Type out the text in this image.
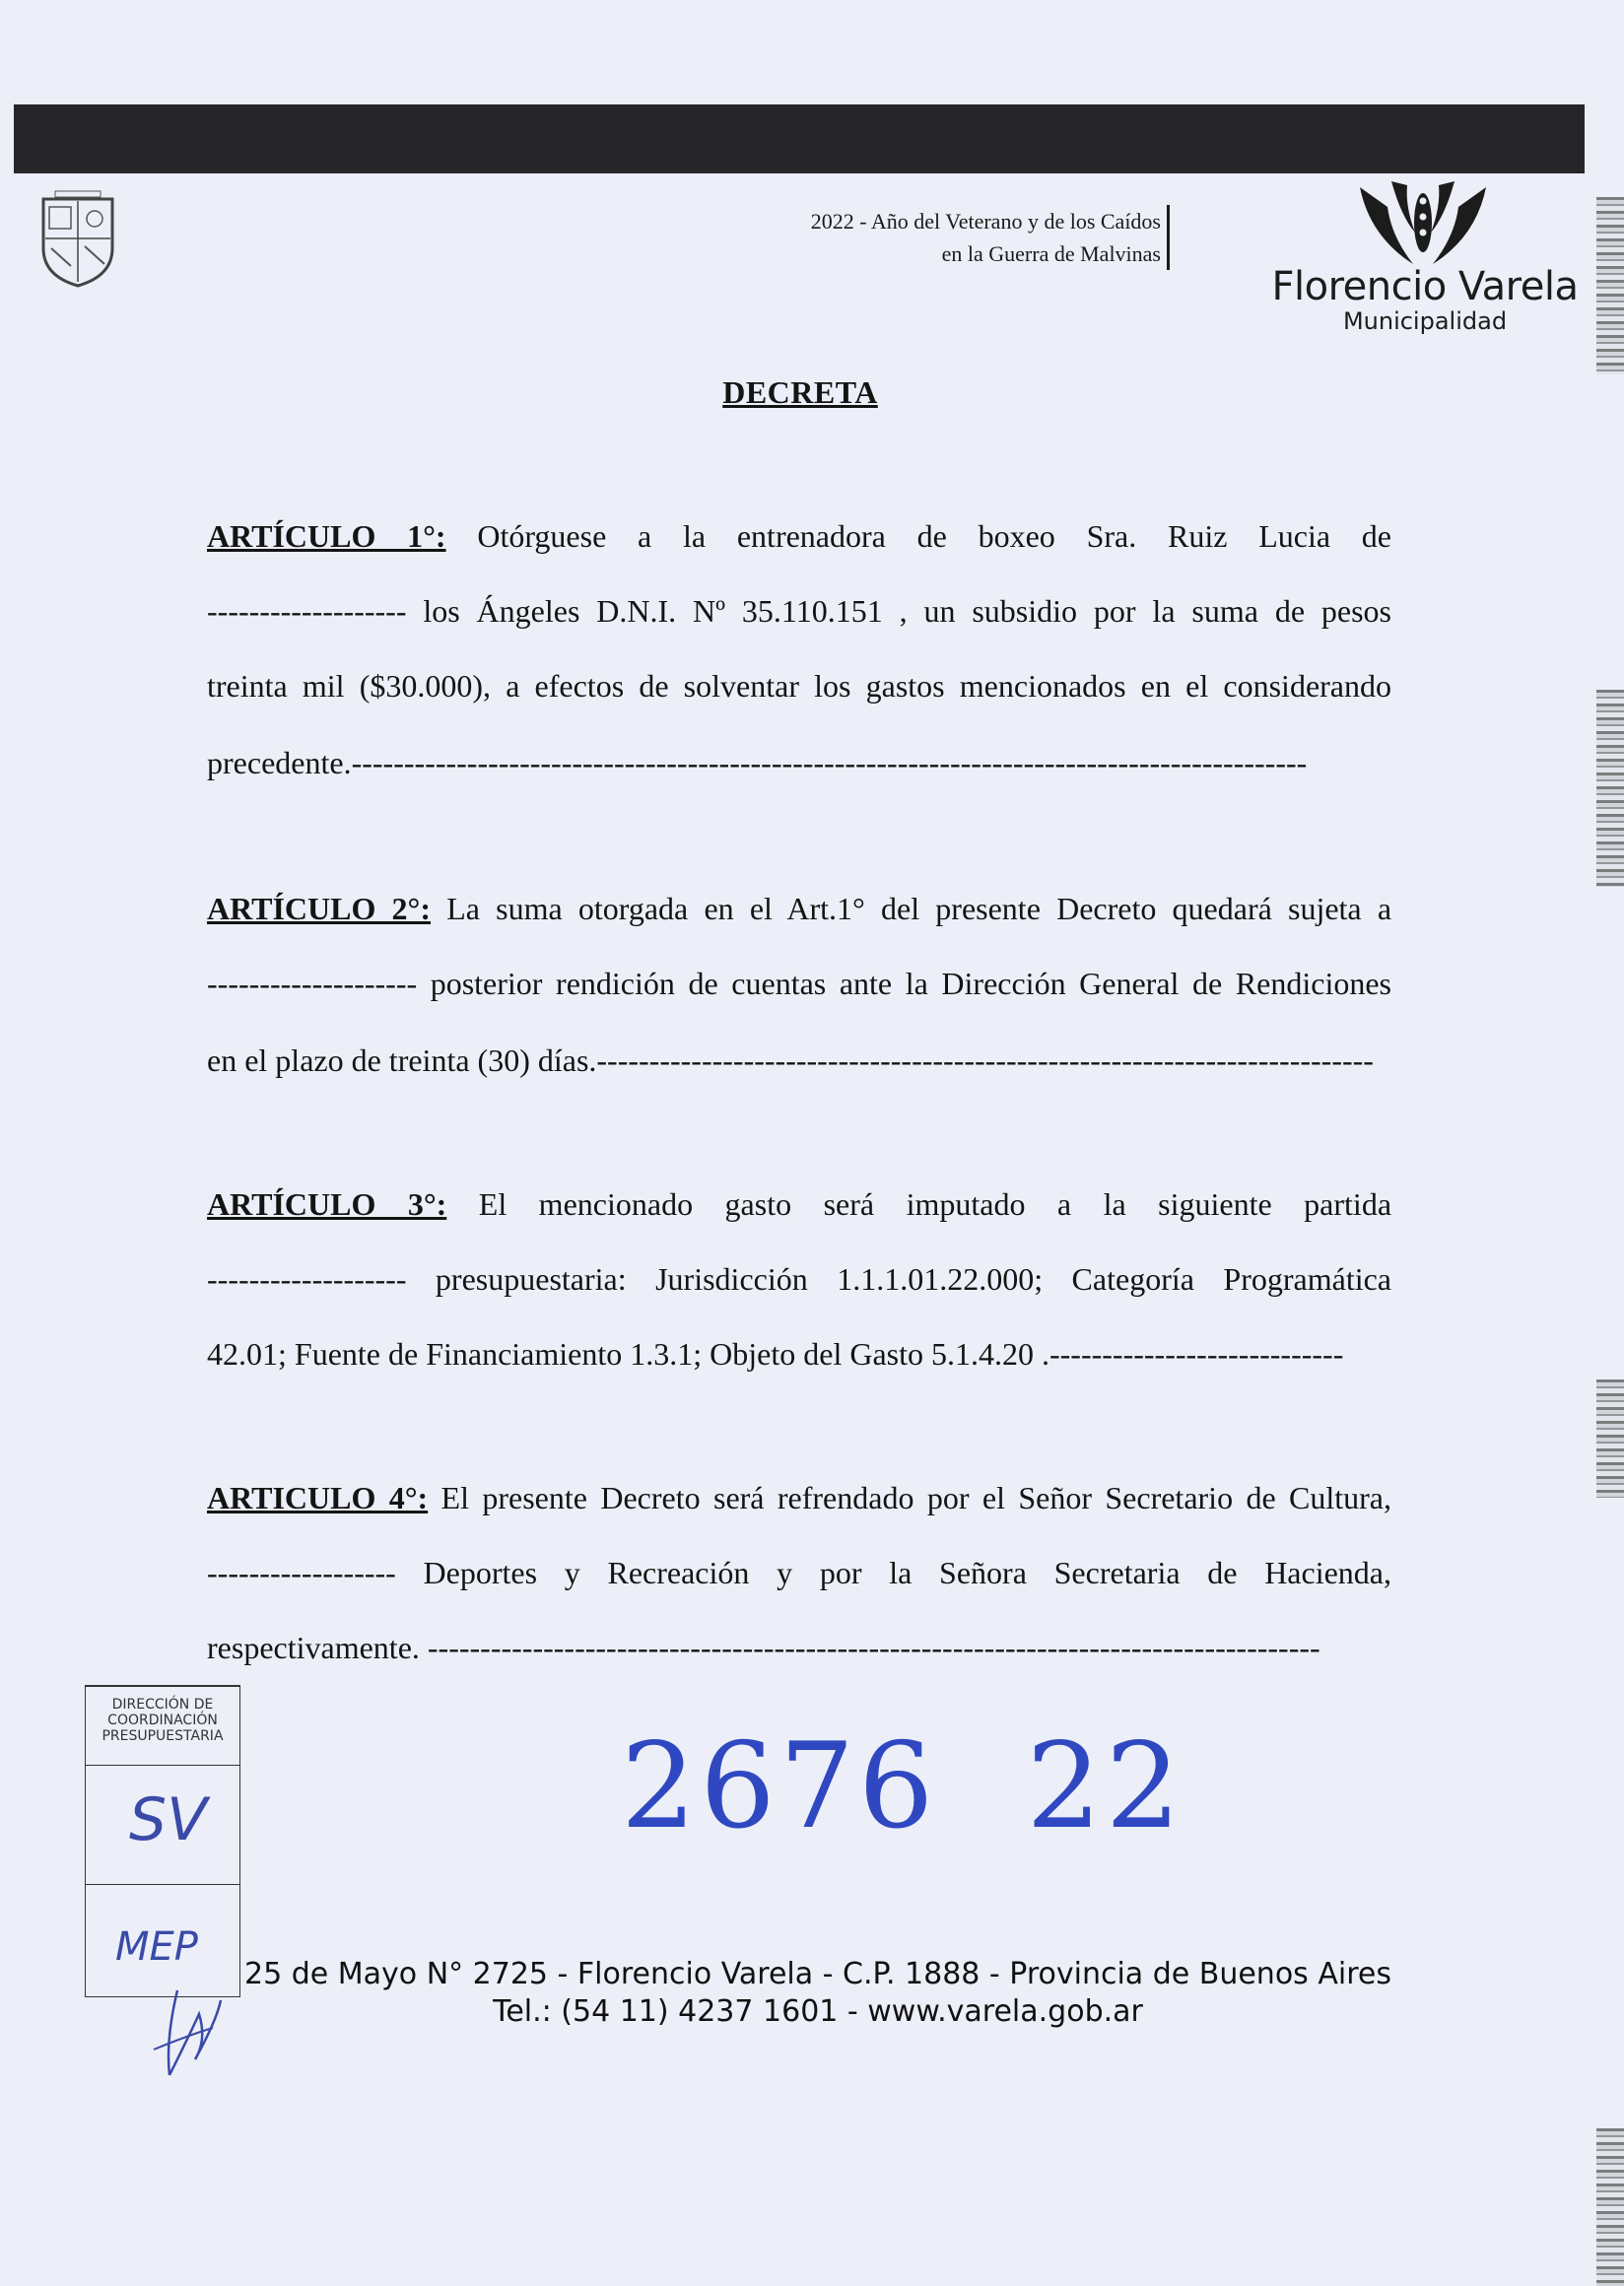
2022 - Año del Veterano y de los Caídos
en la Guerra de Malvinas
Florencio Varela
Municipalidad
DECRETA
ARTÍCULO 1°: Otórguese a la entrenadora de boxeo Sra. Ruiz Lucia de
------------------- los Ángeles D.N.I. Nº 35.110.151 , un subsidio por la suma de pesos
treinta mil ($30.000), a efectos de solventar los gastos mencionados en el considerando
precedente.-------------------------------------------------------------------------------------------
ARTÍCULO 2°: La suma otorgada en el Art.1° del presente Decreto quedará sujeta a
-------------------- posterior rendición de cuentas ante la Dirección General de Rendiciones
en el plazo de treinta (30) días.--------------------------------------------------------------------------
ARTÍCULO 3°: El mencionado gasto será imputado a la siguiente partida
------------------- presupuestaria: Jurisdicción 1.1.1.01.22.000; Categoría Programática
42.01; Fuente de Financiamiento 1.3.1; Objeto del Gasto 5.1.4.20 .----------------------------
ARTICULO 4°: El presente Decreto será refrendado por el Señor Secretario de Cultura,
------------------ Deportes y Recreación y por la Señora Secretaria de Hacienda,
respectivamente. -------------------------------------------------------------------------------------
DIRECCIÓN DE COORDINACIÓN PRESUPUESTARIA
SV
MEP
2676 22
25 de Mayo N° 2725 - Florencio Varela - C.P. 1888 - Provincia de Buenos Aires
Tel.: (54 11) 4237 1601 - www.varela.gob.ar
